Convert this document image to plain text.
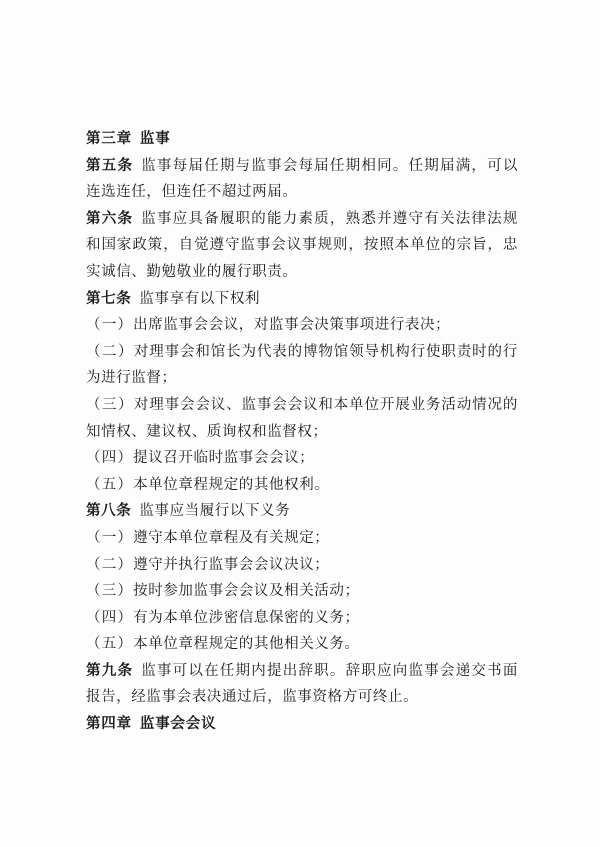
第三章 监事
第五条 监事每届任期与监事会每届任期相同。任期届满，可以
连选连任，但连任不超过两届。
第六条 监事应具备履职的能力素质，熟悉并遵守有关法律法规
和国家政策，自觉遵守监事会议事规则，按照本单位的宗旨，忠
实诚信、勤勉敬业的履行职责。
第七条 监事享有以下权利
（一）出席监事会会议，对监事会决策事项进行表决；
（二）对理事会和馆长为代表的博物馆领导机构行使职责时的行
为进行监督；
（三）对理事会会议、监事会会议和本单位开展业务活动情况的
知情权、建议权、质询权和监督权；
（四）提议召开临时监事会会议；
（五）本单位章程规定的其他权利。
第八条 监事应当履行以下义务
（一）遵守本单位章程及有关规定；
（二）遵守并执行监事会会议决议；
（三）按时参加监事会会议及相关活动；
（四）有为本单位涉密信息保密的义务；
（五）本单位章程规定的其他相关义务。
第九条 监事可以在任期内提出辞职。辞职应向监事会递交书面
报告，经监事会表决通过后，监事资格方可终止。
第四章 监事会会议
